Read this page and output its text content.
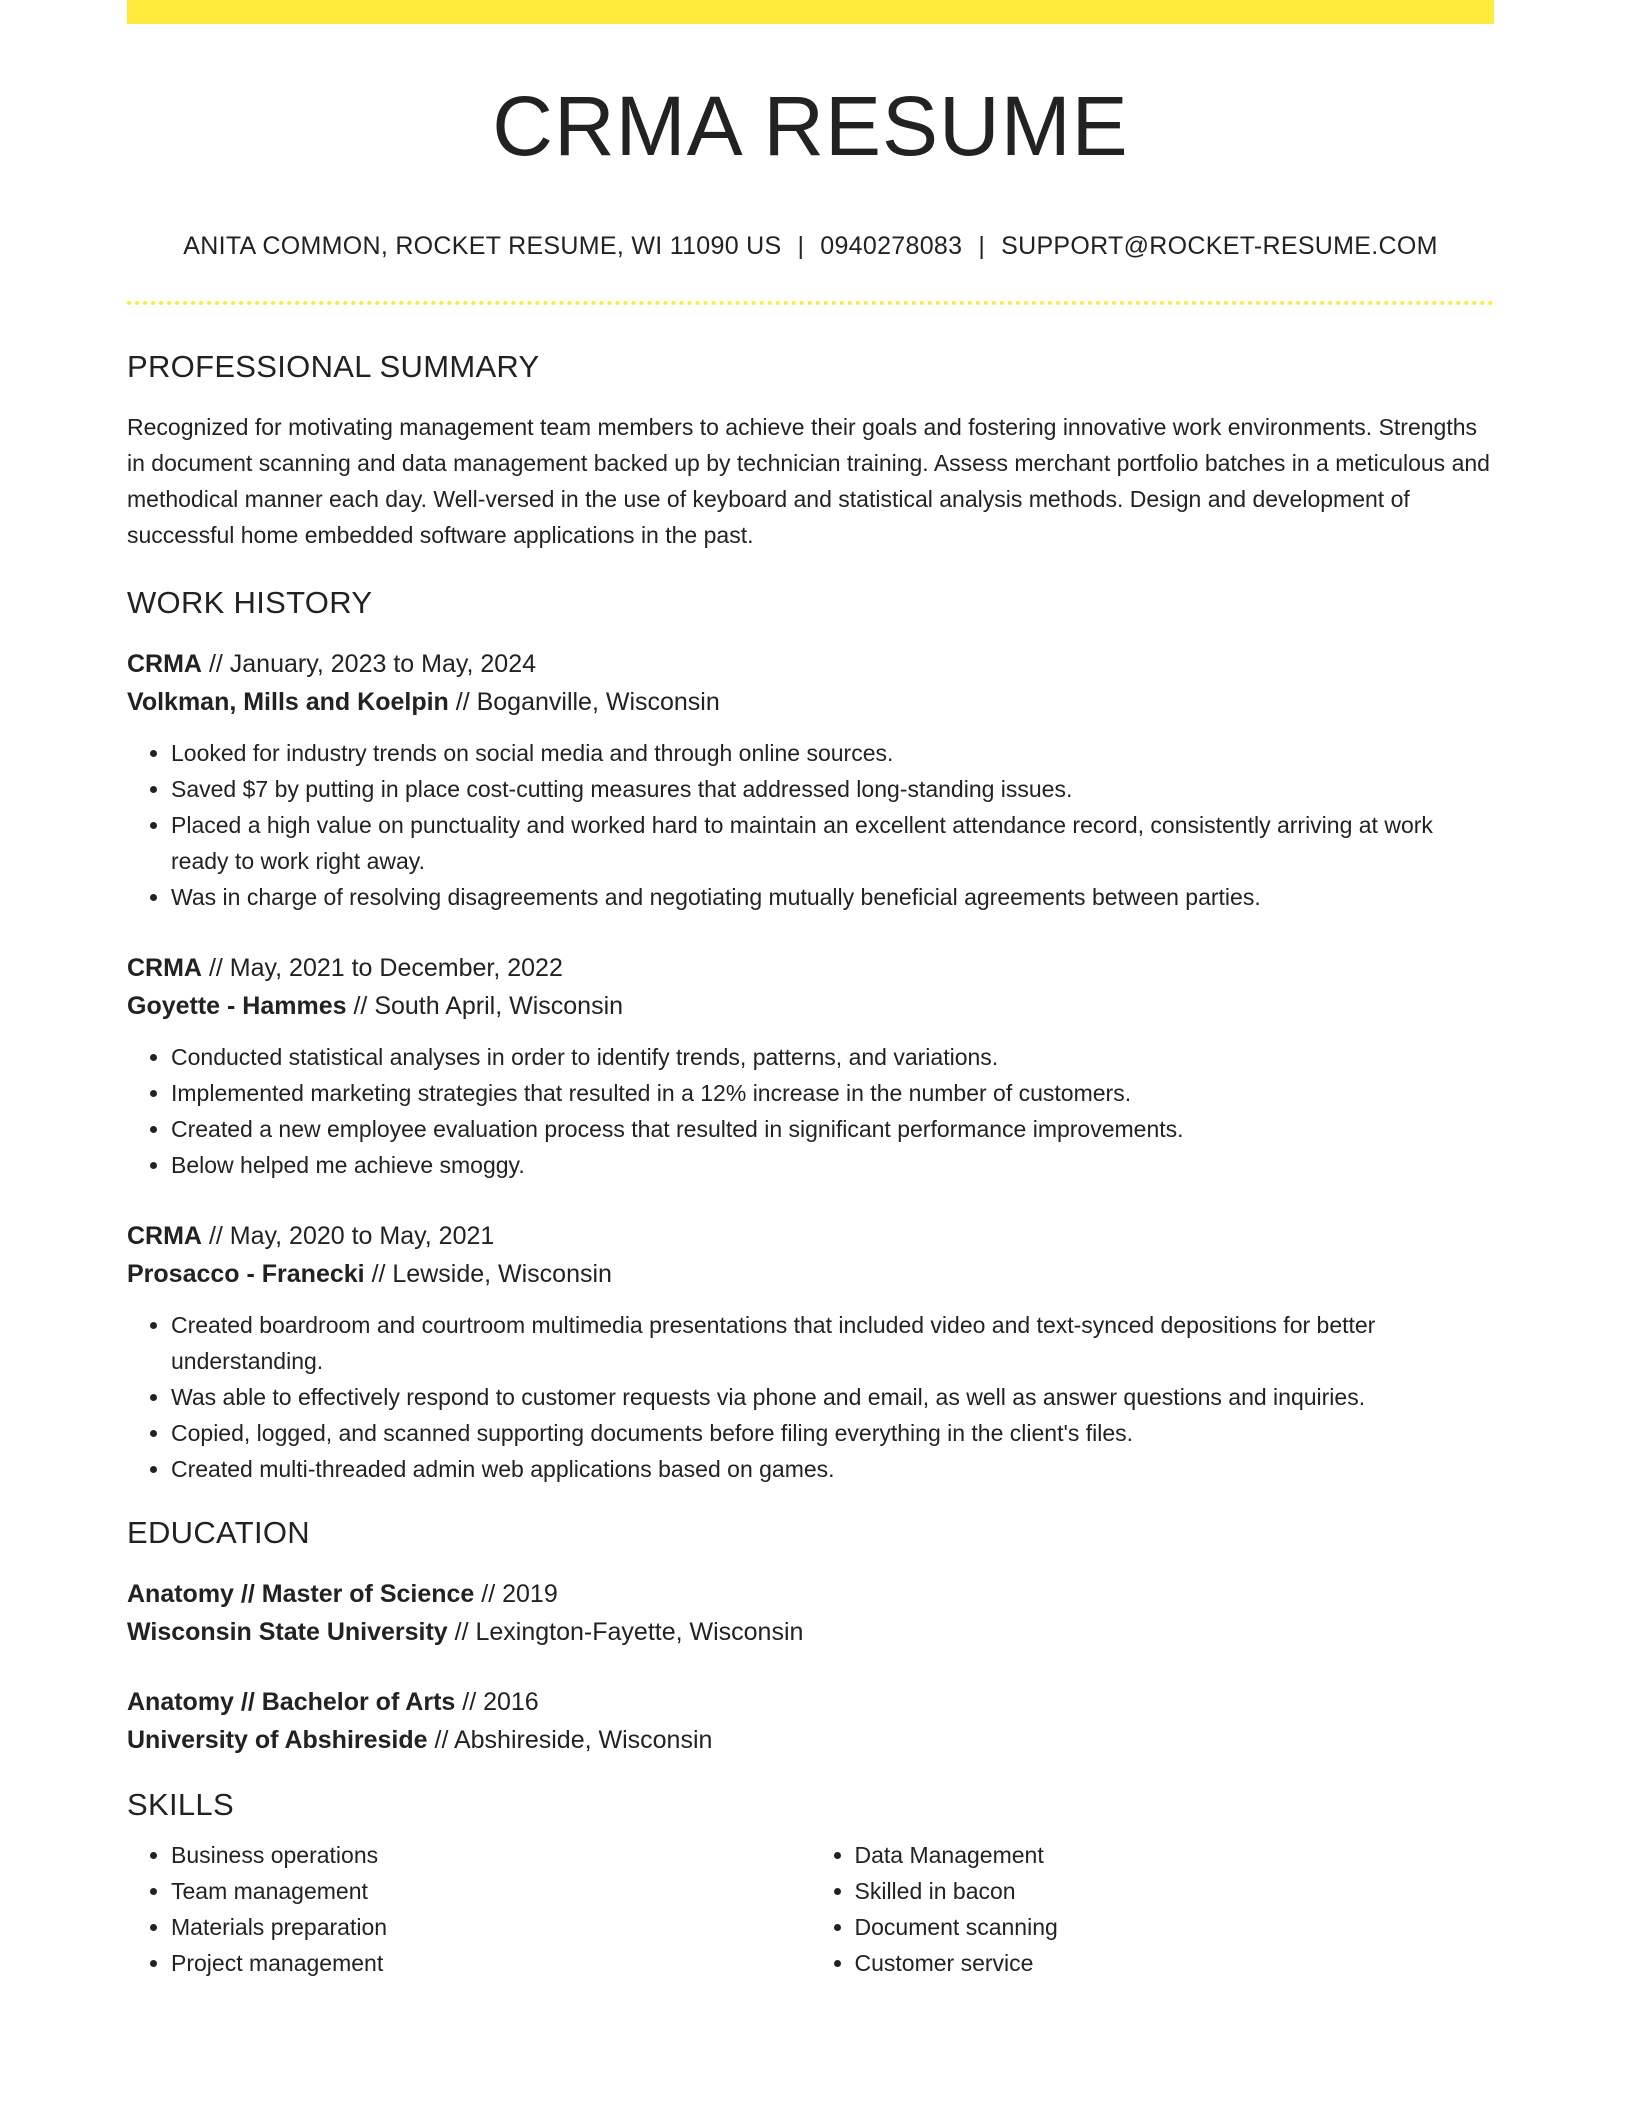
CRMA RESUME
ANITA COMMON, ROCKET RESUME, WI 11090 US | 0940278083 | SUPPORT@ROCKET-RESUME.COM
PROFESSIONAL SUMMARY
Recognized for motivating management team members to achieve their goals and fostering innovative work environments. Strengths in document scanning and data management backed up by technician training. Assess merchant portfolio batches in a meticulous and methodical manner each day. Well-versed in the use of keyboard and statistical analysis methods. Design and development of successful home embedded software applications in the past.
WORK HISTORY
CRMA // January, 2023 to May, 2024
Volkman, Mills and Koelpin // Boganville, Wisconsin
• Looked for industry trends on social media and through online sources.
• Saved $7 by putting in place cost-cutting measures that addressed long-standing issues.
• Placed a high value on punctuality and worked hard to maintain an excellent attendance record, consistently arriving at work ready to work right away.
• Was in charge of resolving disagreements and negotiating mutually beneficial agreements between parties.
CRMA // May, 2021 to December, 2022
Goyette - Hammes // South April, Wisconsin
• Conducted statistical analyses in order to identify trends, patterns, and variations.
• Implemented marketing strategies that resulted in a 12% increase in the number of customers.
• Created a new employee evaluation process that resulted in significant performance improvements.
• Below helped me achieve smoggy.
CRMA // May, 2020 to May, 2021
Prosacco - Franecki // Lewside, Wisconsin
• Created boardroom and courtroom multimedia presentations that included video and text-synced depositions for better understanding.
• Was able to effectively respond to customer requests via phone and email, as well as answer questions and inquiries.
• Copied, logged, and scanned supporting documents before filing everything in the client's files.
• Created multi-threaded admin web applications based on games.
EDUCATION
Anatomy // Master of Science // 2019
Wisconsin State University // Lexington-Fayette, Wisconsin
Anatomy // Bachelor of Arts // 2016
University of Abshireside // Abshireside, Wisconsin
SKILLS
• Business operations
• Team management
• Materials preparation
• Project management
• Data Management
• Skilled in bacon
• Document scanning
• Customer service
